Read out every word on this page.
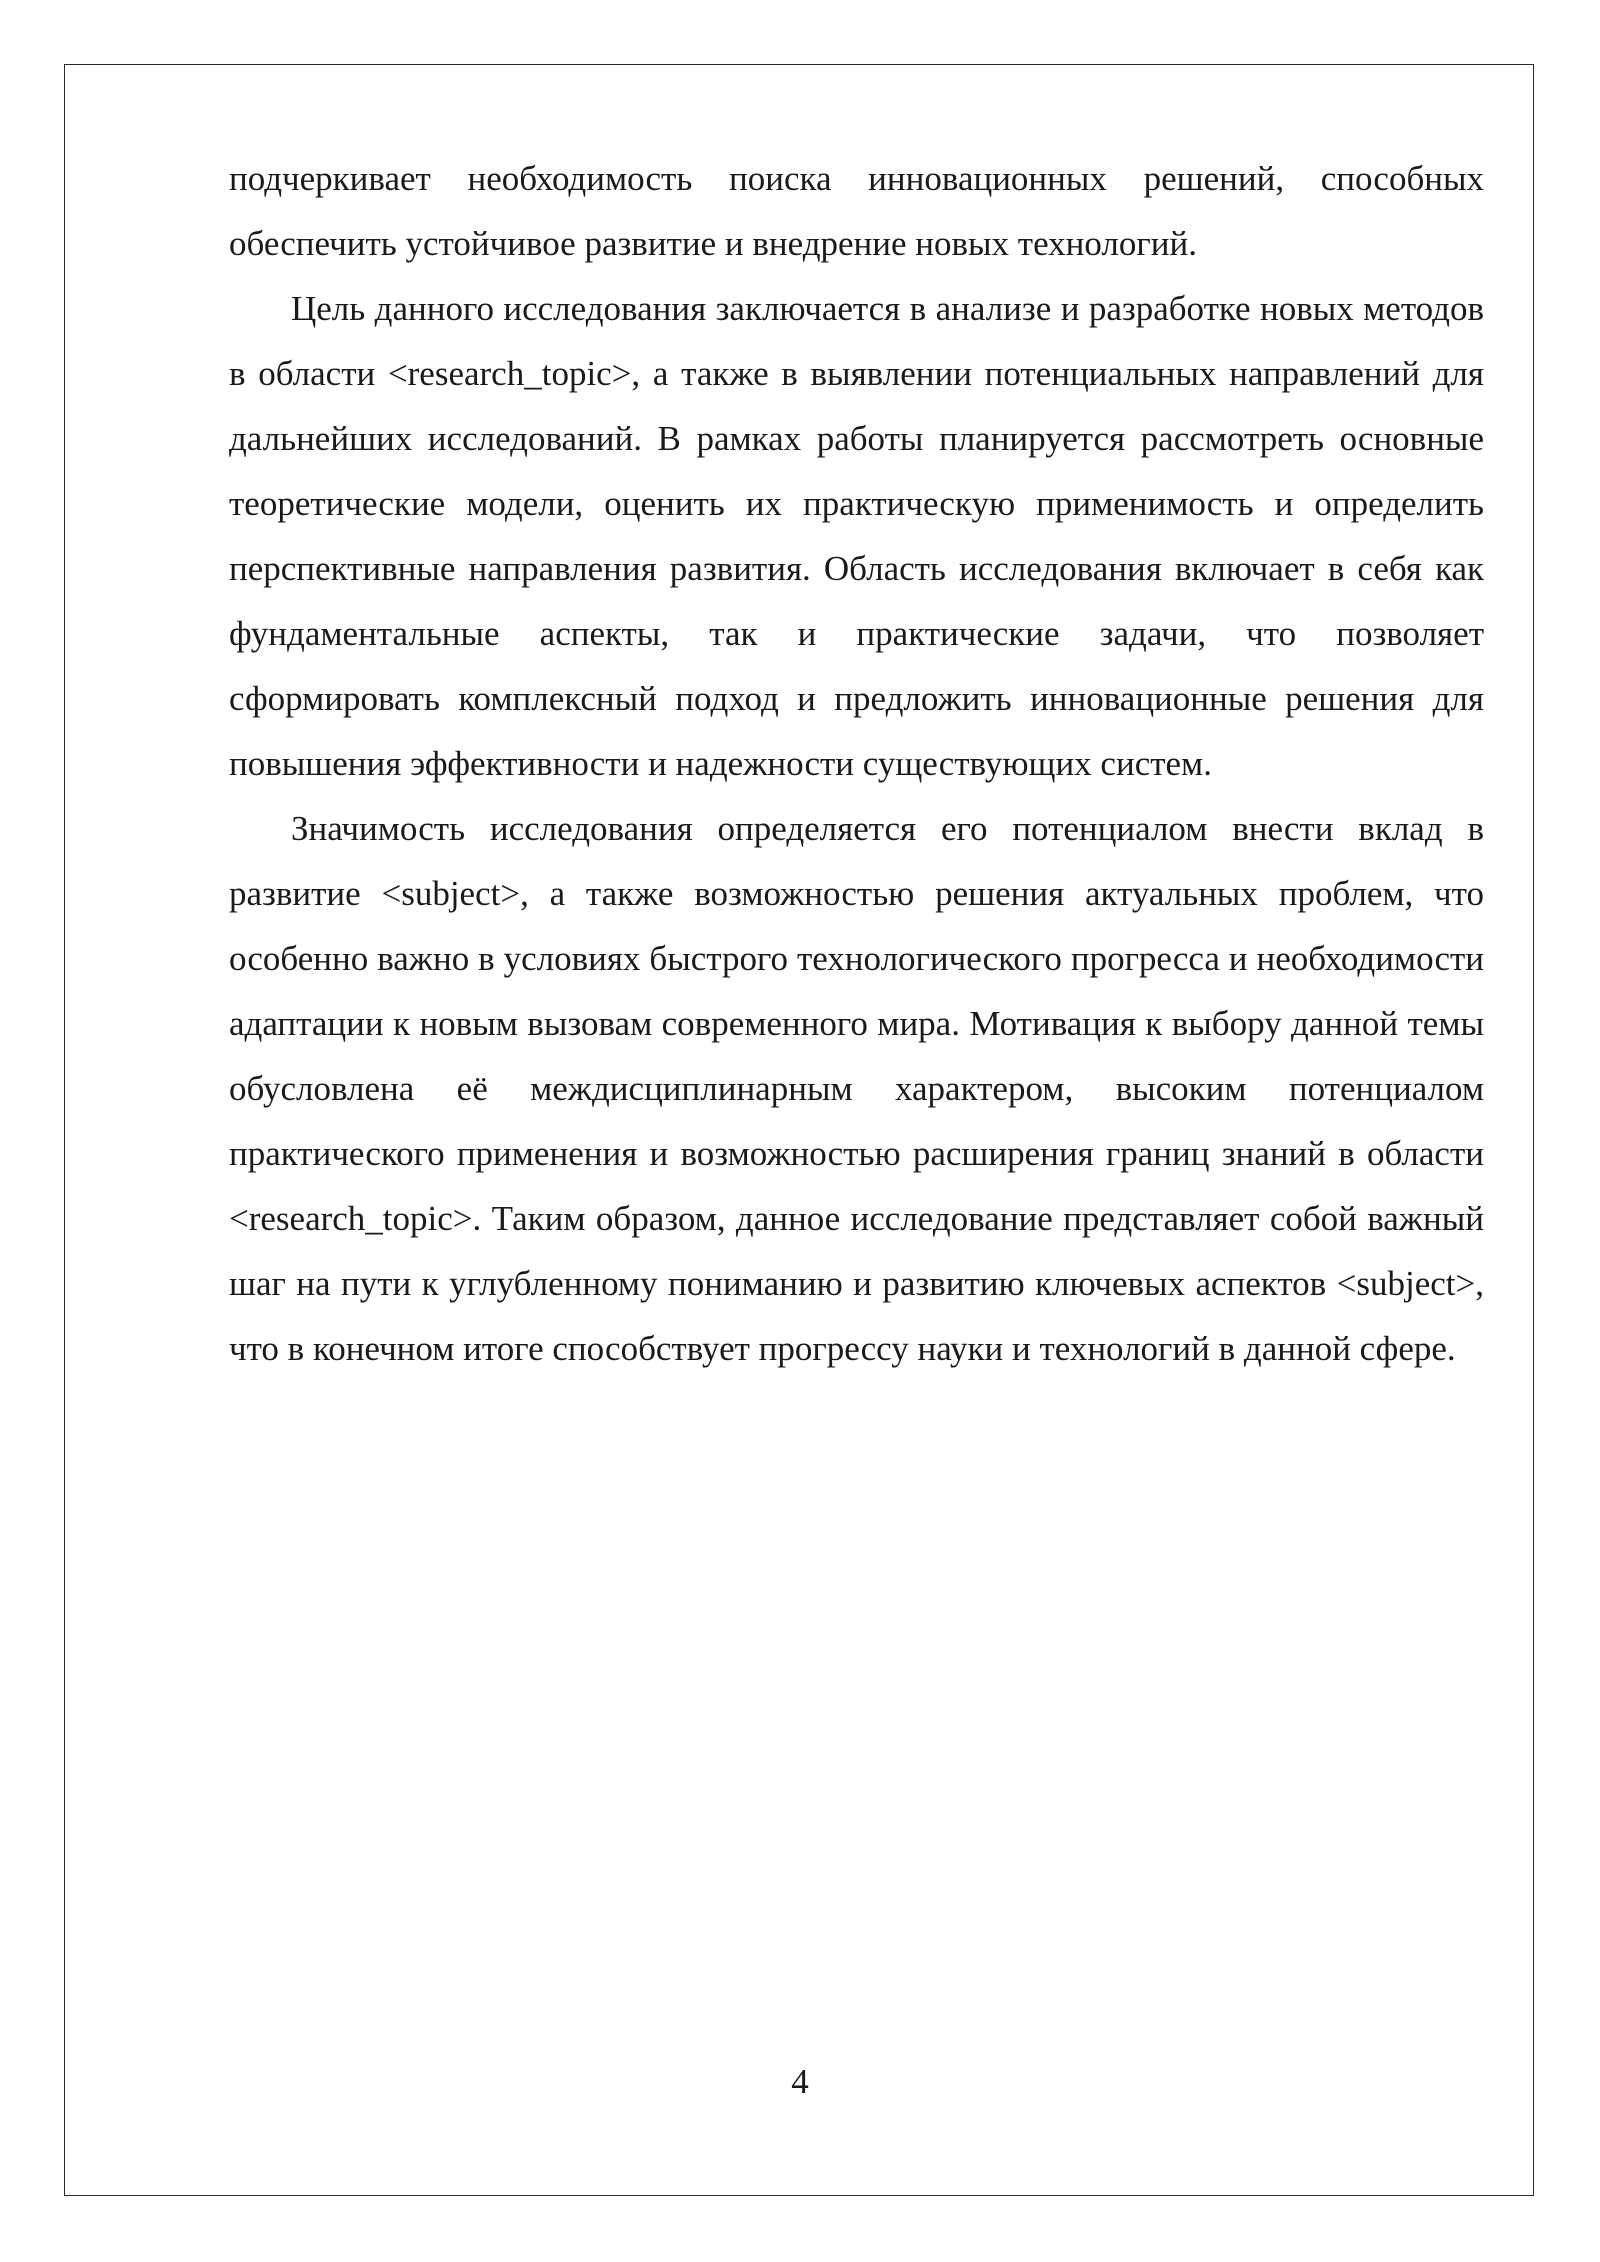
подчеркивает необходимость поиска инновационных решений, способных обеспечить устойчивое развитие и внедрение новых технологий.

Цель данного исследования заключается в анализе и разработке новых методов в области <research_topic>, а также в выявлении потенциальных направлений для дальнейших исследований. В рамках работы планируется рассмотреть основные теоретические модели, оценить их практическую применимость и определить перспективные направления развития. Область исследования включает в себя как фундаментальные аспекты, так и практические задачи, что позволяет сформировать комплексный подход и предложить инновационные решения для повышения эффективности и надежности существующих систем.

Значимость исследования определяется его потенциалом внести вклад в развитие <subject>, а также возможностью решения актуальных проблем, что особенно важно в условиях быстрого технологического прогресса и необходимости адаптации к новым вызовам современного мира. Мотивация к выбору данной темы обусловлена её междисциплинарным характером, высоким потенциалом практического применения и возможностью расширения границ знаний в области <research_topic>. Таким образом, данное исследование представляет собой важный шаг на пути к углубленному пониманию и развитию ключевых аспектов <subject>, что в конечном итоге способствует прогрессу науки и технологий в данной сфере.

4
